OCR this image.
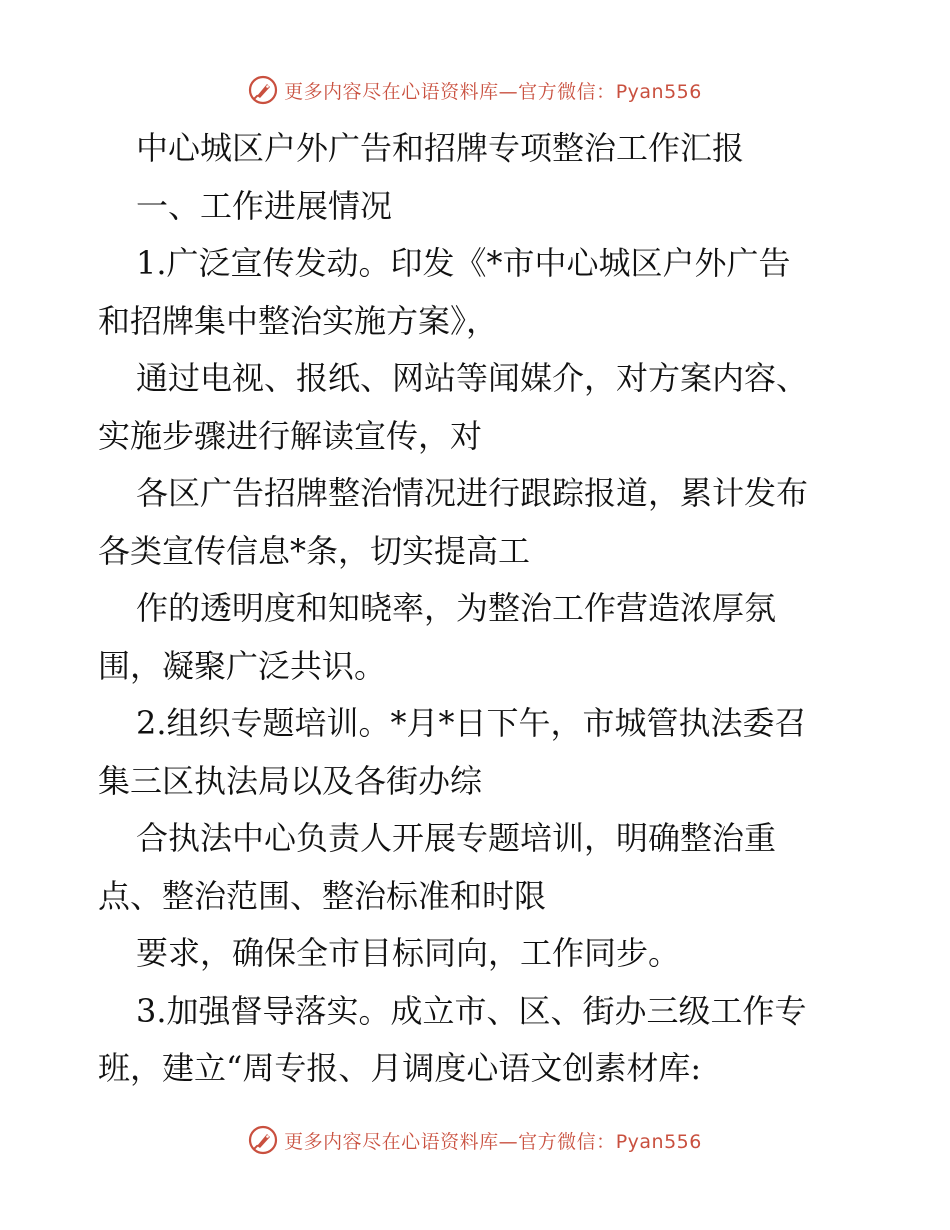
更多内容尽在心语资料库—官方微信：Pyan556
中心城区户外广告和招牌专项整治工作汇报
一、工作进展情况
1.广泛宣传发动。印发《*市中心城区户外广告
和招牌集中整治实施方案》，
通过电视、报纸、网站等闻媒介，对方案内容、
实施步骤进行解读宣传，对
各区广告招牌整治情况进行跟踪报道，累计发布
各类宣传信息*条，切实提高工
作的透明度和知晓率，为整治工作营造浓厚氛
围，凝聚广泛共识。
2.组织专题培训。*月*日下午，市城管执法委召
集三区执法局以及各街办综
合执法中心负责人开展专题培训，明确整治重
点、整治范围、整治标准和时限
要求，确保全市目标同向，工作同步。
3.加强督导落实。成立市、区、街办三级工作专
班，建立“周专报、月调度心语文创素材库:
更多内容尽在心语资料库—官方微信：Pyan556
